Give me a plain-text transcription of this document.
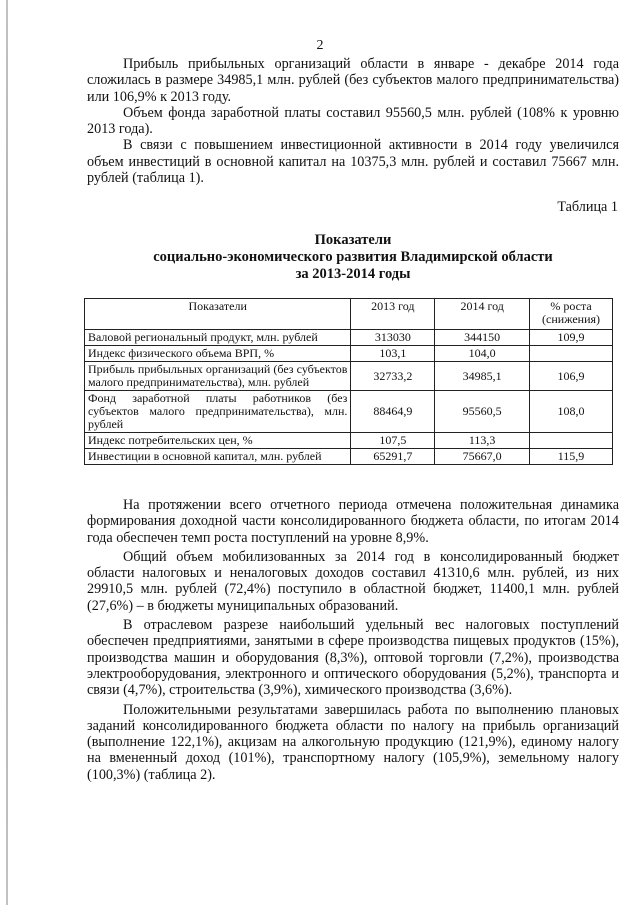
2

Прибыль прибыльных организаций области в январе - декабре 2014 года сложилась в размере 34985,1 млн. рублей (без субъектов малого предпринимательства) или 106,9% к 2013 году.

Объем фонда заработной платы составил 95560,5 млн. рублей (108% к уровню 2013 года).

В связи с повышением инвестиционной активности в 2014 году увеличился объем инвестиций в основной капитал на 10375,3 млн. рублей и составил 75667 млн. рублей (таблица 1).

Таблица 1
Показатели
социально-экономического развития Владимирской области
за 2013-2014 годы
Показатели	2013 год	2014 год	% роста (снижения)
Валовой региональный продукт, млн. рублей	313030	344150	109,9
Индекс физического объема ВРП, %	103,1	104,0	
Прибыль прибыльных организаций (без субъектов малого предпринимательства), млн. рублей	32733,2	34985,1	106,9
Фонд заработной платы работников (без субъектов малого предпринимательства), млн. рублей	88464,9	95560,5	108,0
Индекс потребительских цен, %	107,5	113,3	
Инвестиции в основной капитал, млн. рублей	65291,7	75667,0	115,9

На протяжении всего отчетного периода отмечена положительная динамика формирования доходной части консолидированного бюджета области, по итогам 2014 года обеспечен темп роста поступлений на уровне 8,9%.

Общий объем мобилизованных за 2014 год в консолидированный бюджет области налоговых и неналоговых доходов составил 41310,6 млн. рублей, из них 29910,5 млн. рублей (72,4%) поступило в областной бюджет, 11400,1 млн. рублей (27,6%) – в бюджеты муниципальных образований.

В отраслевом разрезе наибольший удельный вес налоговых поступлений обеспечен предприятиями, занятыми в сфере производства пищевых продуктов (15%), производства машин и оборудования (8,3%), оптовой торговли (7,2%), производства электрооборудования, электронного и оптического оборудования (5,2%), транспорта и связи (4,7%), строительства (3,9%), химического производства (3,6%).

Положительными результатами завершилась работа по выполнению плановых заданий консолидированного бюджета области по налогу на прибыль организаций (выполнение 122,1%), акцизам на алкогольную продукцию (121,9%), единому налогу на вмененный доход (101%), транспортному налогу (105,9%), земельному налогу (100,3%) (таблица 2).
